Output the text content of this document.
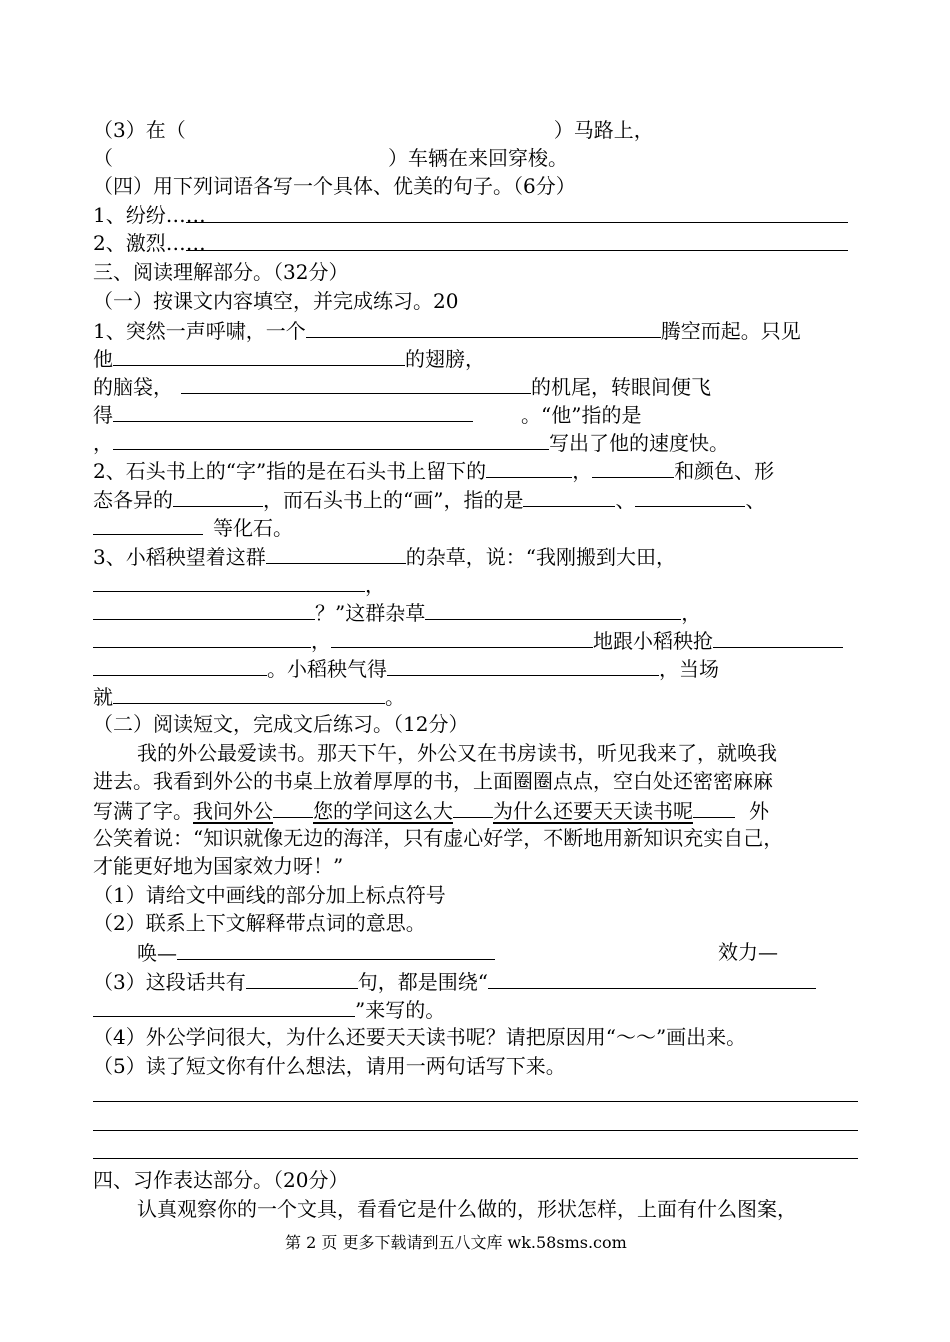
（3）在（	）马路上，
（	）车辆在来回穿梭。
（四）用下列词语各写一个具体、优美的句子。（6分）
1、纷纷……
2、激烈……
三、阅读理解部分。（32分）
（一）按课文内容填空，并完成练习。20
1、突然一声呼啸，一个	腾空而起。只见
他	的翅膀，
的脑袋，	的机尾，转眼间便飞
得	。“他”指的是
，	写出了他的速度快。
2、石头书上的“字”指的是在石头书上留下的	，	和颜色、形
态各异的	，而石头书上的“画”，指的是	、	、
等化石。
3、小稻秧望着这群	的杂草，说：“我刚搬到大田，
，
？”这群杂草	，
，	地跟小稻秧抢
。小稻秧气得	，当场
就	。
（二）阅读短文，完成文后练习。（12分）
我的外公最爱读书。那天下午，外公又在书房读书，听见我来了，就唤我
进去。我看到外公的书桌上放着厚厚的书，上面圈圈点点，空白处还密密麻麻
写满了字。我问外公 您的学问这么大 为什么还要天天读书呢	外
公笑着说：“知识就像无边的海洋，只有虚心好学，不断地用新知识充实自己，
才能更好地为国家效力呀！”
（1）请给文中画线的部分加上标点符号
（2）联系上下文解释带点词的意思。
唤—	效力—
（3）这段话共有	句，都是围绕“
”来写的。
（4）外公学问很大，为什么还要天天读书呢？请把原因用“～～”画出来。
（5）读了短文你有什么想法，请用一两句话写下来。
四、习作表达部分。（20分）
认真观察你的一个文具，看看它是什么做的，形状怎样，上面有什么图案，
第 2 页 更多下载请到五八文库 wk.58sms.com
